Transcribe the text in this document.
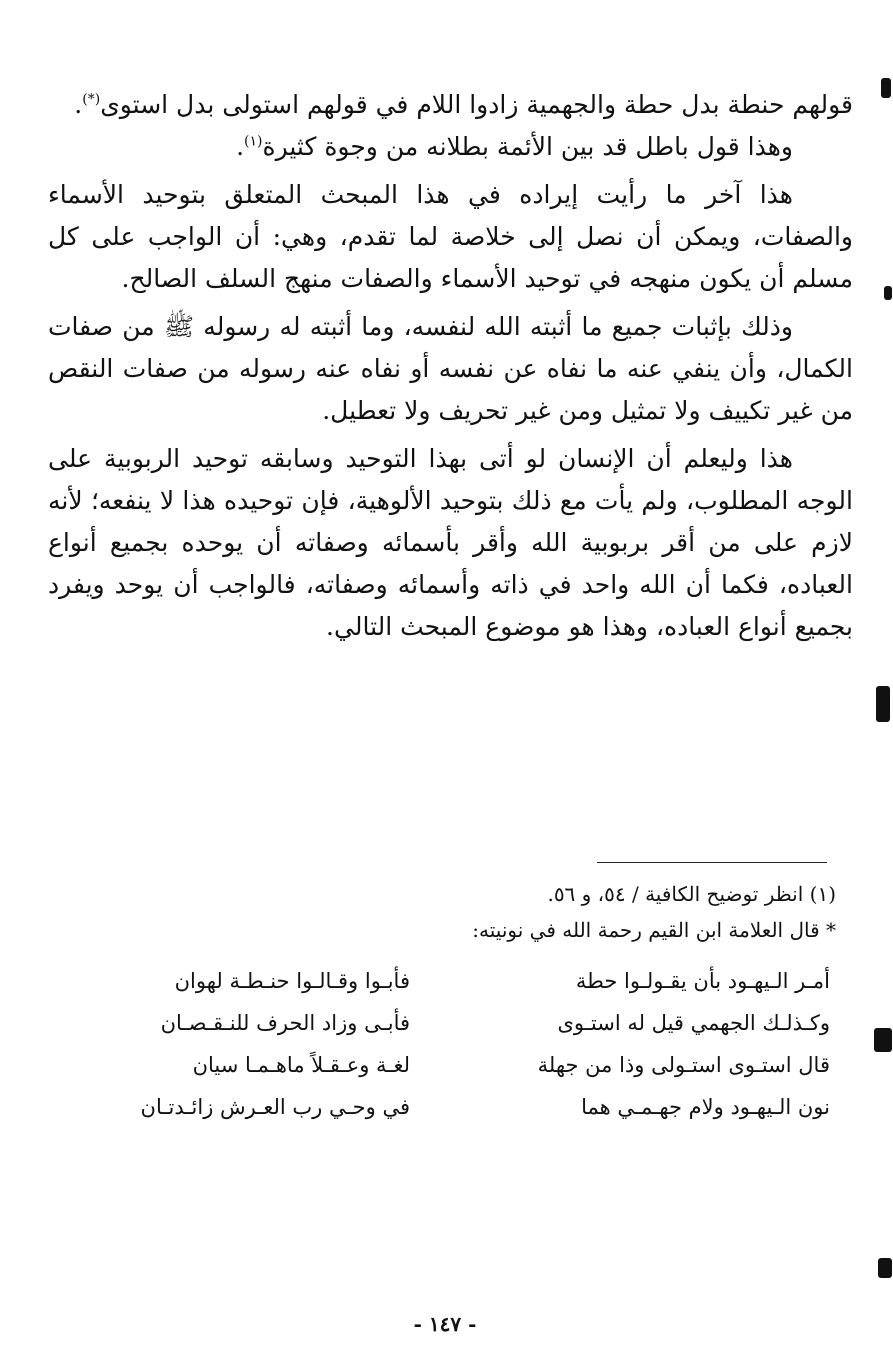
قولهم حنطة بدل حطة والجهمية زادوا اللام في قولهم استولى بدل استوى(*).

وهذا قول باطل قد بين الأئمة بطلانه من وجوة كثيرة$^{(١)}$.

هذا آخر ما رأيت إيراده في هذا المبحث المتعلق بتوحيد الأسماء والصفات، ويمكن أن نصل إلى خلاصة لما تقدم، وهي: أن الواجب على كل مسلم أن يكون منهجه في توحيد الأسماء والصفات منهج السلف الصالح.

وذلك بإثبات جميع ما أثبته الله لنفسه، وما أثبته له رسوله ﷺ من صفات الكمال، وأن ينفي عنه ما نفاه عن نفسه أو نفاه عنه رسوله من صفات النقص من غير تكييف ولا تمثيل ومن غير تحريف ولا تعطيل.

هذا وليعلم أن الإنسان لو أتى بهذا التوحيد وسابقه توحيد الربوبية على الوجه المطلوب، ولم يأت مع ذلك بتوحيد الألوهية، فإن توحيده هذا لا ينفعه؛ لأنه لازم على من أقر بربوبية الله وأقر بأسمائه وصفاته أن يوحده بجميع أنواع العباده، فكما أن الله واحد في ذاته وأسمائه وصفاته، فالواجب أن يوحد ويفرد بجميع أنواع العباده، وهذا هو موضوع المبحث التالي.

(١) انظر توضيح الكافية / ٥٤، و ٥٦.

* قال العلامة ابن القيم رحمة الله في نونيته:

أمـر الـيهـود بأن يقـولـوا حطة
وكـذلـك الجهمي قيل له استـوى
قال استـوى استـولى وذا من جهلة
نون الـيهـود ولام جهـمـي هما
فأبـوا وقـالـوا حنـطـة لهوان
فأبـى وزاد الحرف للنـقـصـان
لغـة وعـقـلاً ماهـمـا سيان
في وحـي رب العـرش زائـدتـان
- ١٤٧ -
